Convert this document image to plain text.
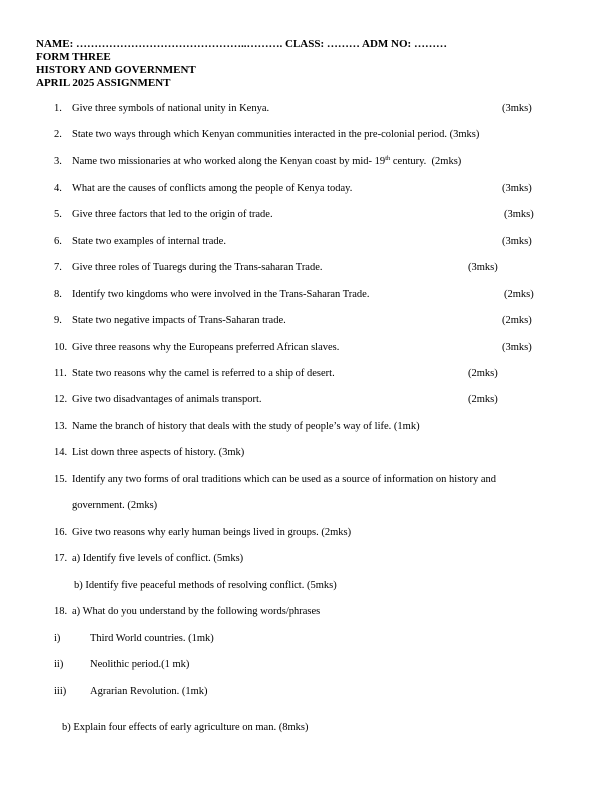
NAME: ………………………………………..………. CLASS: ……… ADM NO: ………
FORM THREE
HISTORY AND GOVERNMENT
APRIL 2025 ASSIGNMENT
1. Give three symbols of national unity in Kenya.	(3mks)
2. State two ways through which Kenyan communities interacted in the pre-colonial period. (3mks)
3. Name two missionaries at who worked along the Kenyan coast by mid- 19th century.  (2mks)
4. What are the causes of conflicts among the people of Kenya today.	(3mks)
5. Give three factors that led to the origin of trade.	(3mks)
6. State two examples of internal trade.	(3mks)
7. Give three roles of Tuaregs during the Trans-saharan Trade.	(3mks)
8. Identify two kingdoms who were involved in the Trans-Saharan Trade.	(2mks)
9. State two negative impacts of Trans-Saharan trade.	(2mks)
10. Give three reasons why the Europeans preferred African slaves.	(3mks)
11. State two reasons why the camel is referred to a ship of desert.	(2mks)
12. Give two disadvantages of animals transport.	(2mks)
13. Name the branch of history that deals with the study of people’s way of life. (1mk)
14. List down three aspects of history. (3mk)
15. Identify any two forms of oral traditions which can be used as a source of information on history and
government. (2mks)
16. Give two reasons why early human beings lived in groups. (2mks)
17. a) Identify five levels of conflict. (5mks)
b) Identify five peaceful methods of resolving conflict. (5mks)
18. a) What do you understand by the following words/phrases
i)	Third World countries. (1mk)
ii)	Neolithic period.(1 mk)
iii) Agrarian Revolution. (1mk)
b) Explain four effects of early agriculture on man. (8mks)
